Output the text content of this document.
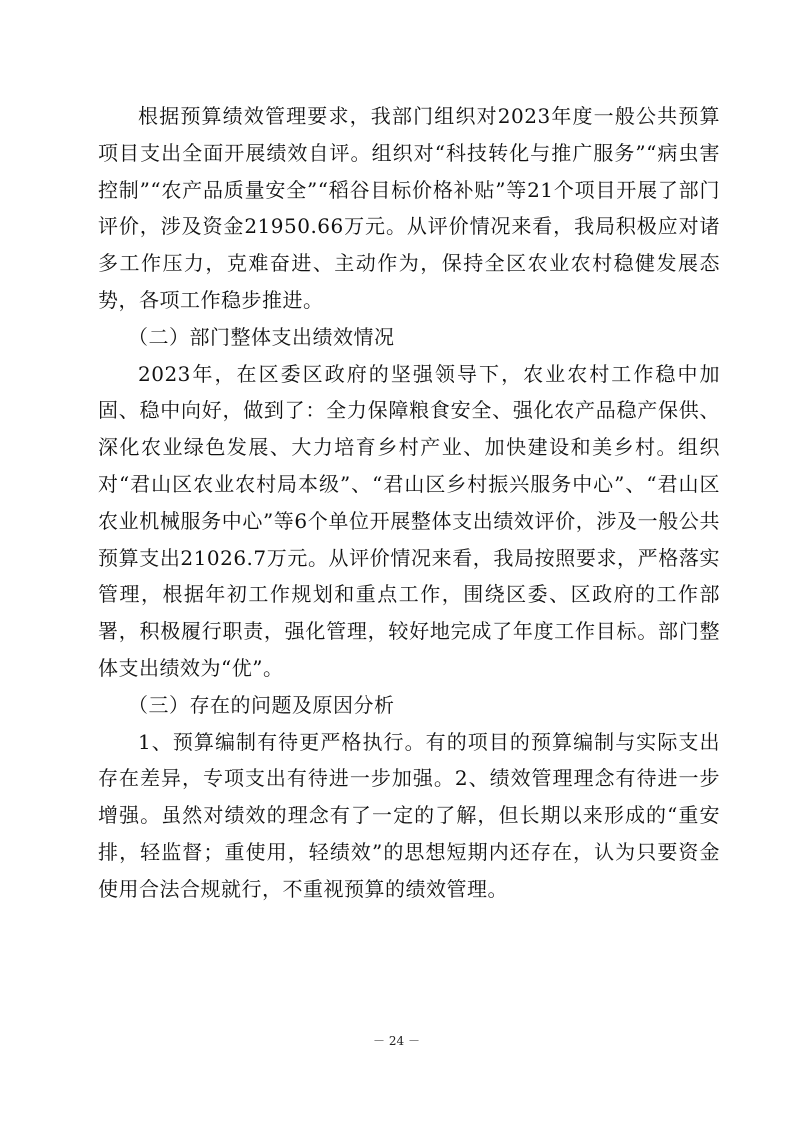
根据预算绩效管理要求，我部门组织对2023年度一般公共预算项目支出全面开展绩效自评。组织对“科技转化与推广服务”“病虫害控制”“农产品质量安全”“稻谷目标价格补贴”等21个项目开展了部门评价，涉及资金21950.66万元。从评价情况来看，我局积极应对诸多工作压力，克难奋进、主动作为，保持全区农业农村稳健发展态势，各项工作稳步推进。

（二）部门整体支出绩效情况

2023年，在区委区政府的坚强领导下，农业农村工作稳中加固、稳中向好，做到了：全力保障粮食安全、强化农产品稳产保供、深化农业绿色发展、大力培育乡村产业、加快建设和美乡村。组织对“君山区农业农村局本级”、“君山区乡村振兴服务中心”、“君山区农业机械服务中心”等6个单位开展整体支出绩效评价，涉及一般公共预算支出21026.7万元。从评价情况来看，我局按照要求，严格落实管理，根据年初工作规划和重点工作，围绕区委、区政府的工作部署，积极履行职责，强化管理，较好地完成了年度工作目标。部门整体支出绩效为“优”。

（三）存在的问题及原因分析

1、预算编制有待更严格执行。有的项目的预算编制与实际支出存在差异，专项支出有待进一步加强。2、绩效管理理念有待进一步增强。虽然对绩效的理念有了一定的了解，但长期以来形成的“重安排，轻监督；重使用，轻绩效”的思想短期内还存在，认为只要资金使用合法合规就行，不重视预算的绩效管理。

－ 24 －
